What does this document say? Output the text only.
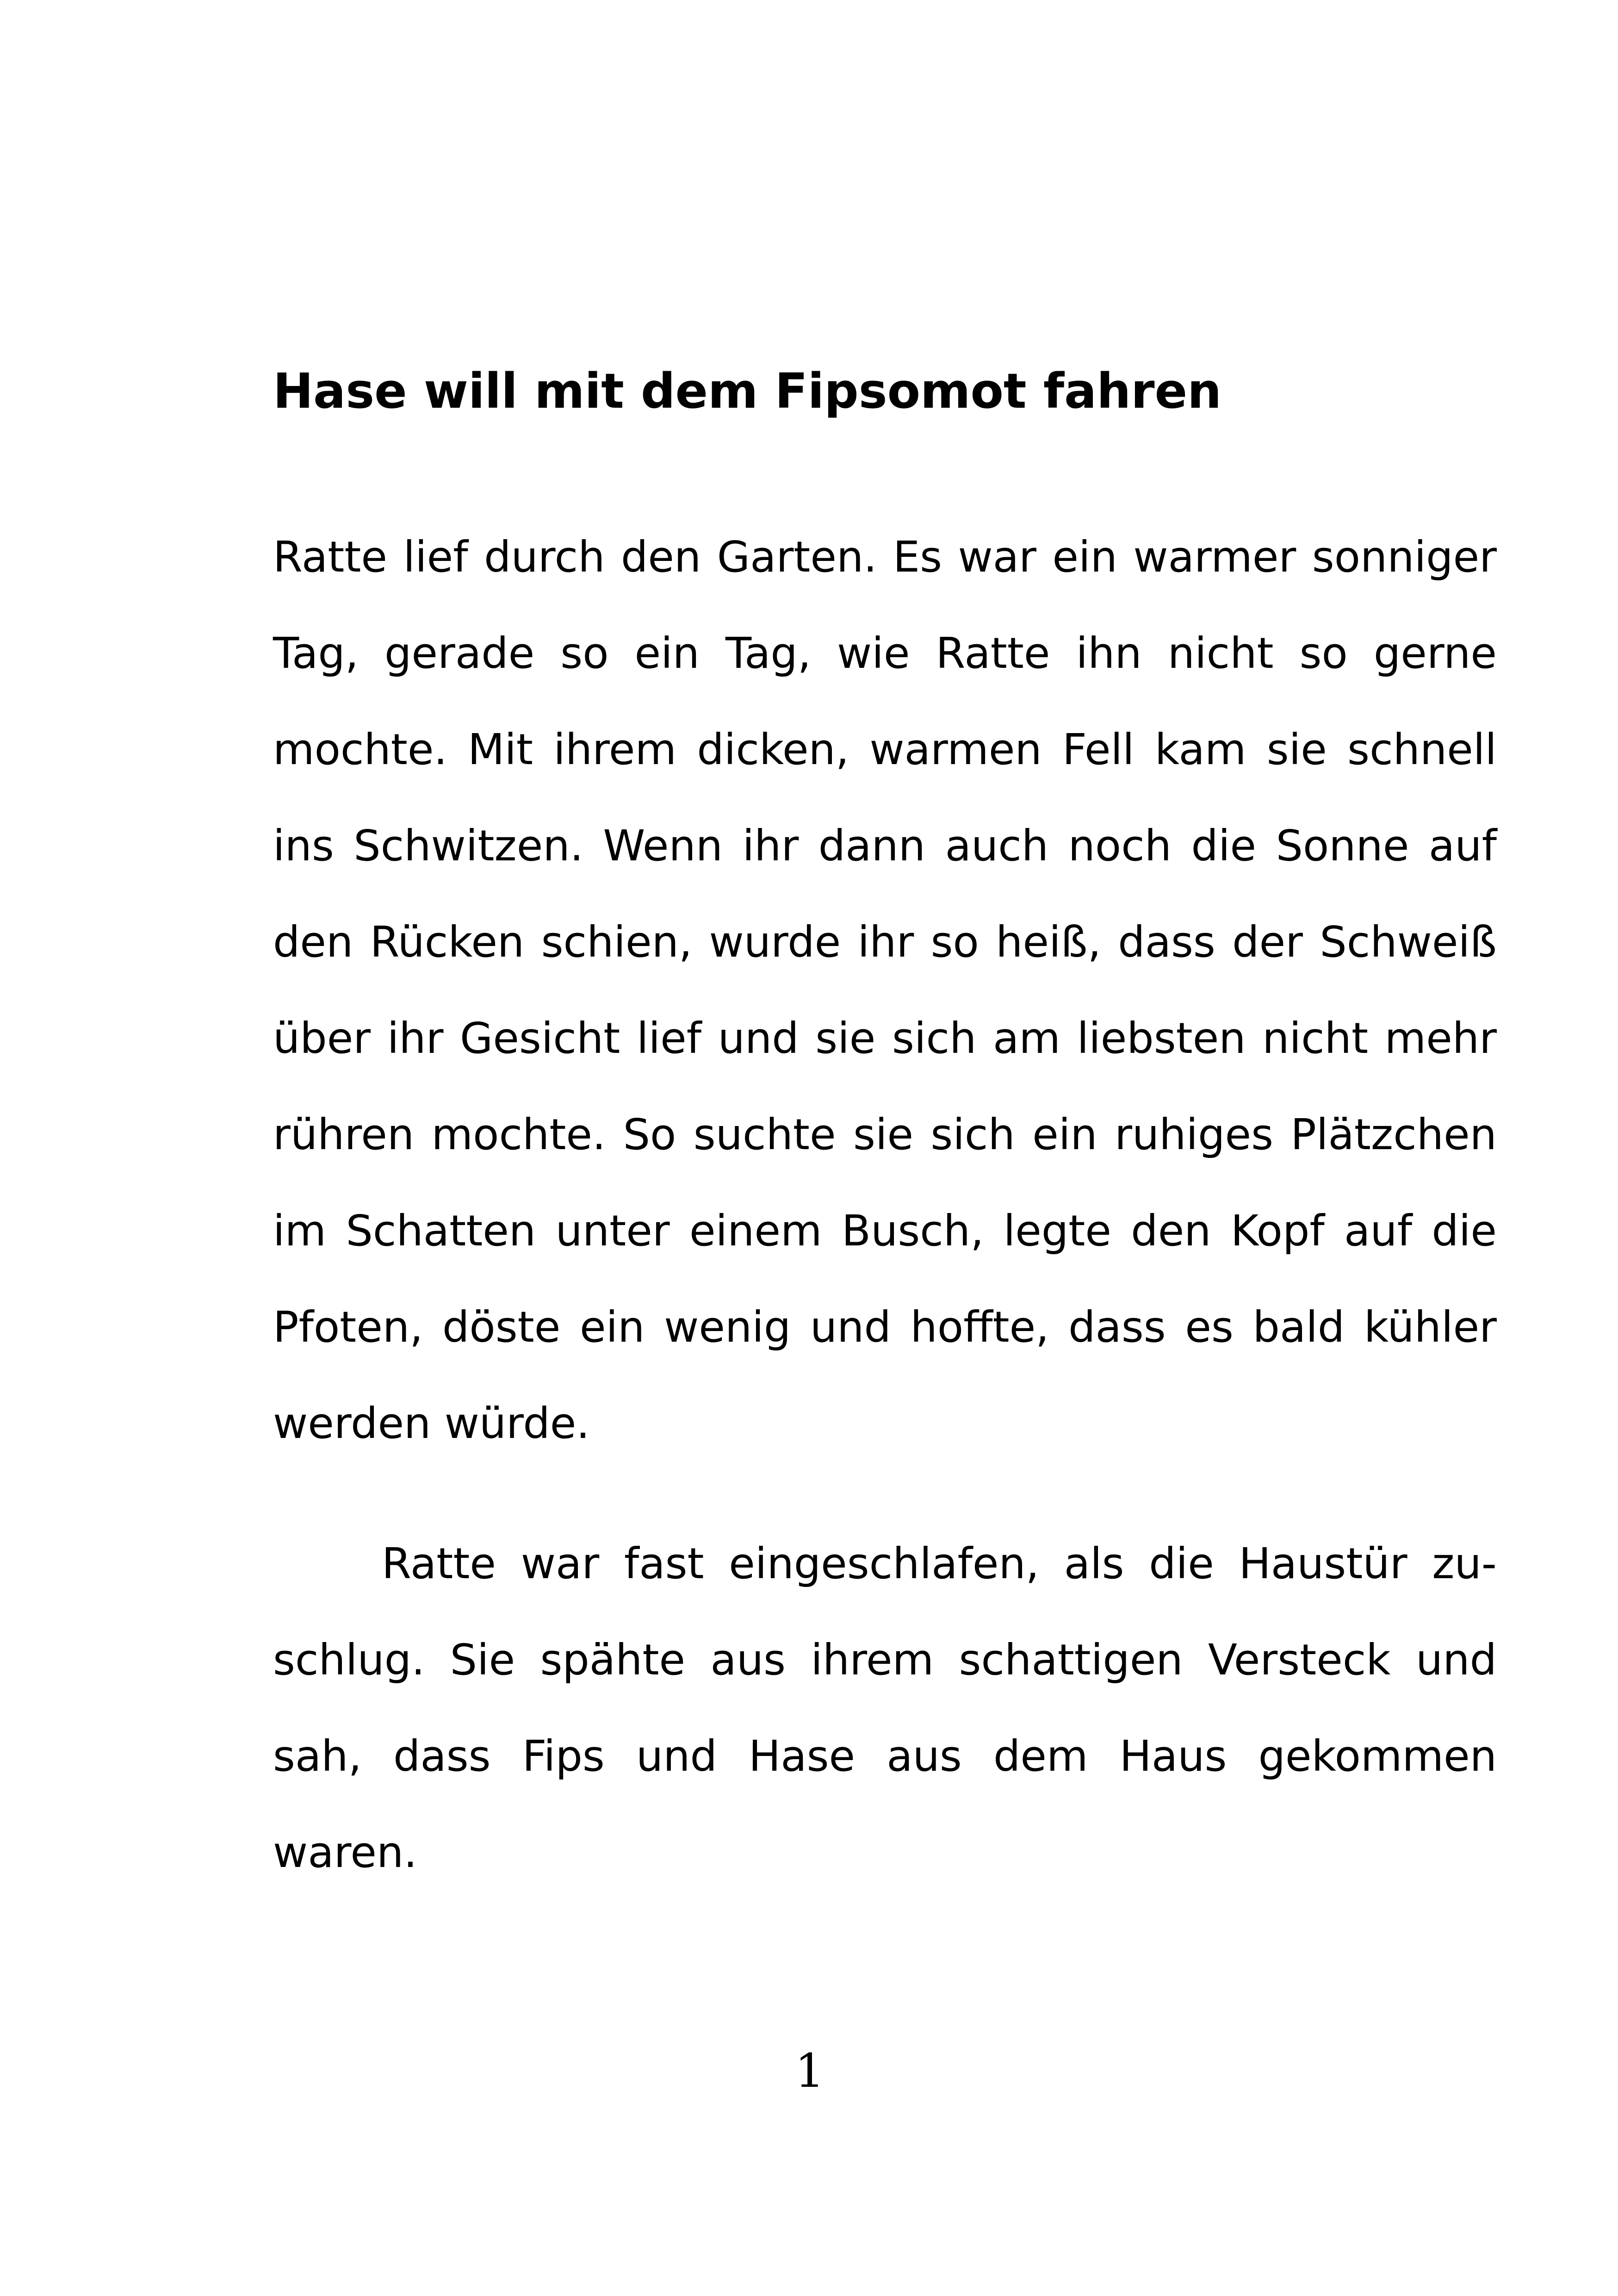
Hase will mit dem Fipsomot fahren

Ratte lief durch den Garten. Es war ein warmer sonniger Tag, gerade so ein Tag, wie Ratte ihn nicht so gerne mochte. Mit ihrem dicken, warmen Fell kam sie schnell ins Schwitzen. Wenn ihr dann auch noch die Sonne auf den Rücken schien, wurde ihr so heiß, dass der Schweiß über ihr Gesicht lief und sie sich am liebsten nicht mehr rühren mochte. So suchte sie sich ein ruhiges Plätzchen im Schatten unter einem Busch, legte den Kopf auf die Pfoten, döste ein wenig und hoffte, dass es bald kühler werden würde.

Ratte war fast eingeschlafen, als die Haustür zu-schlug. Sie spähte aus ihrem schattigen Versteck und sah, dass Fips und Hase aus dem Haus gekommen waren.

1
